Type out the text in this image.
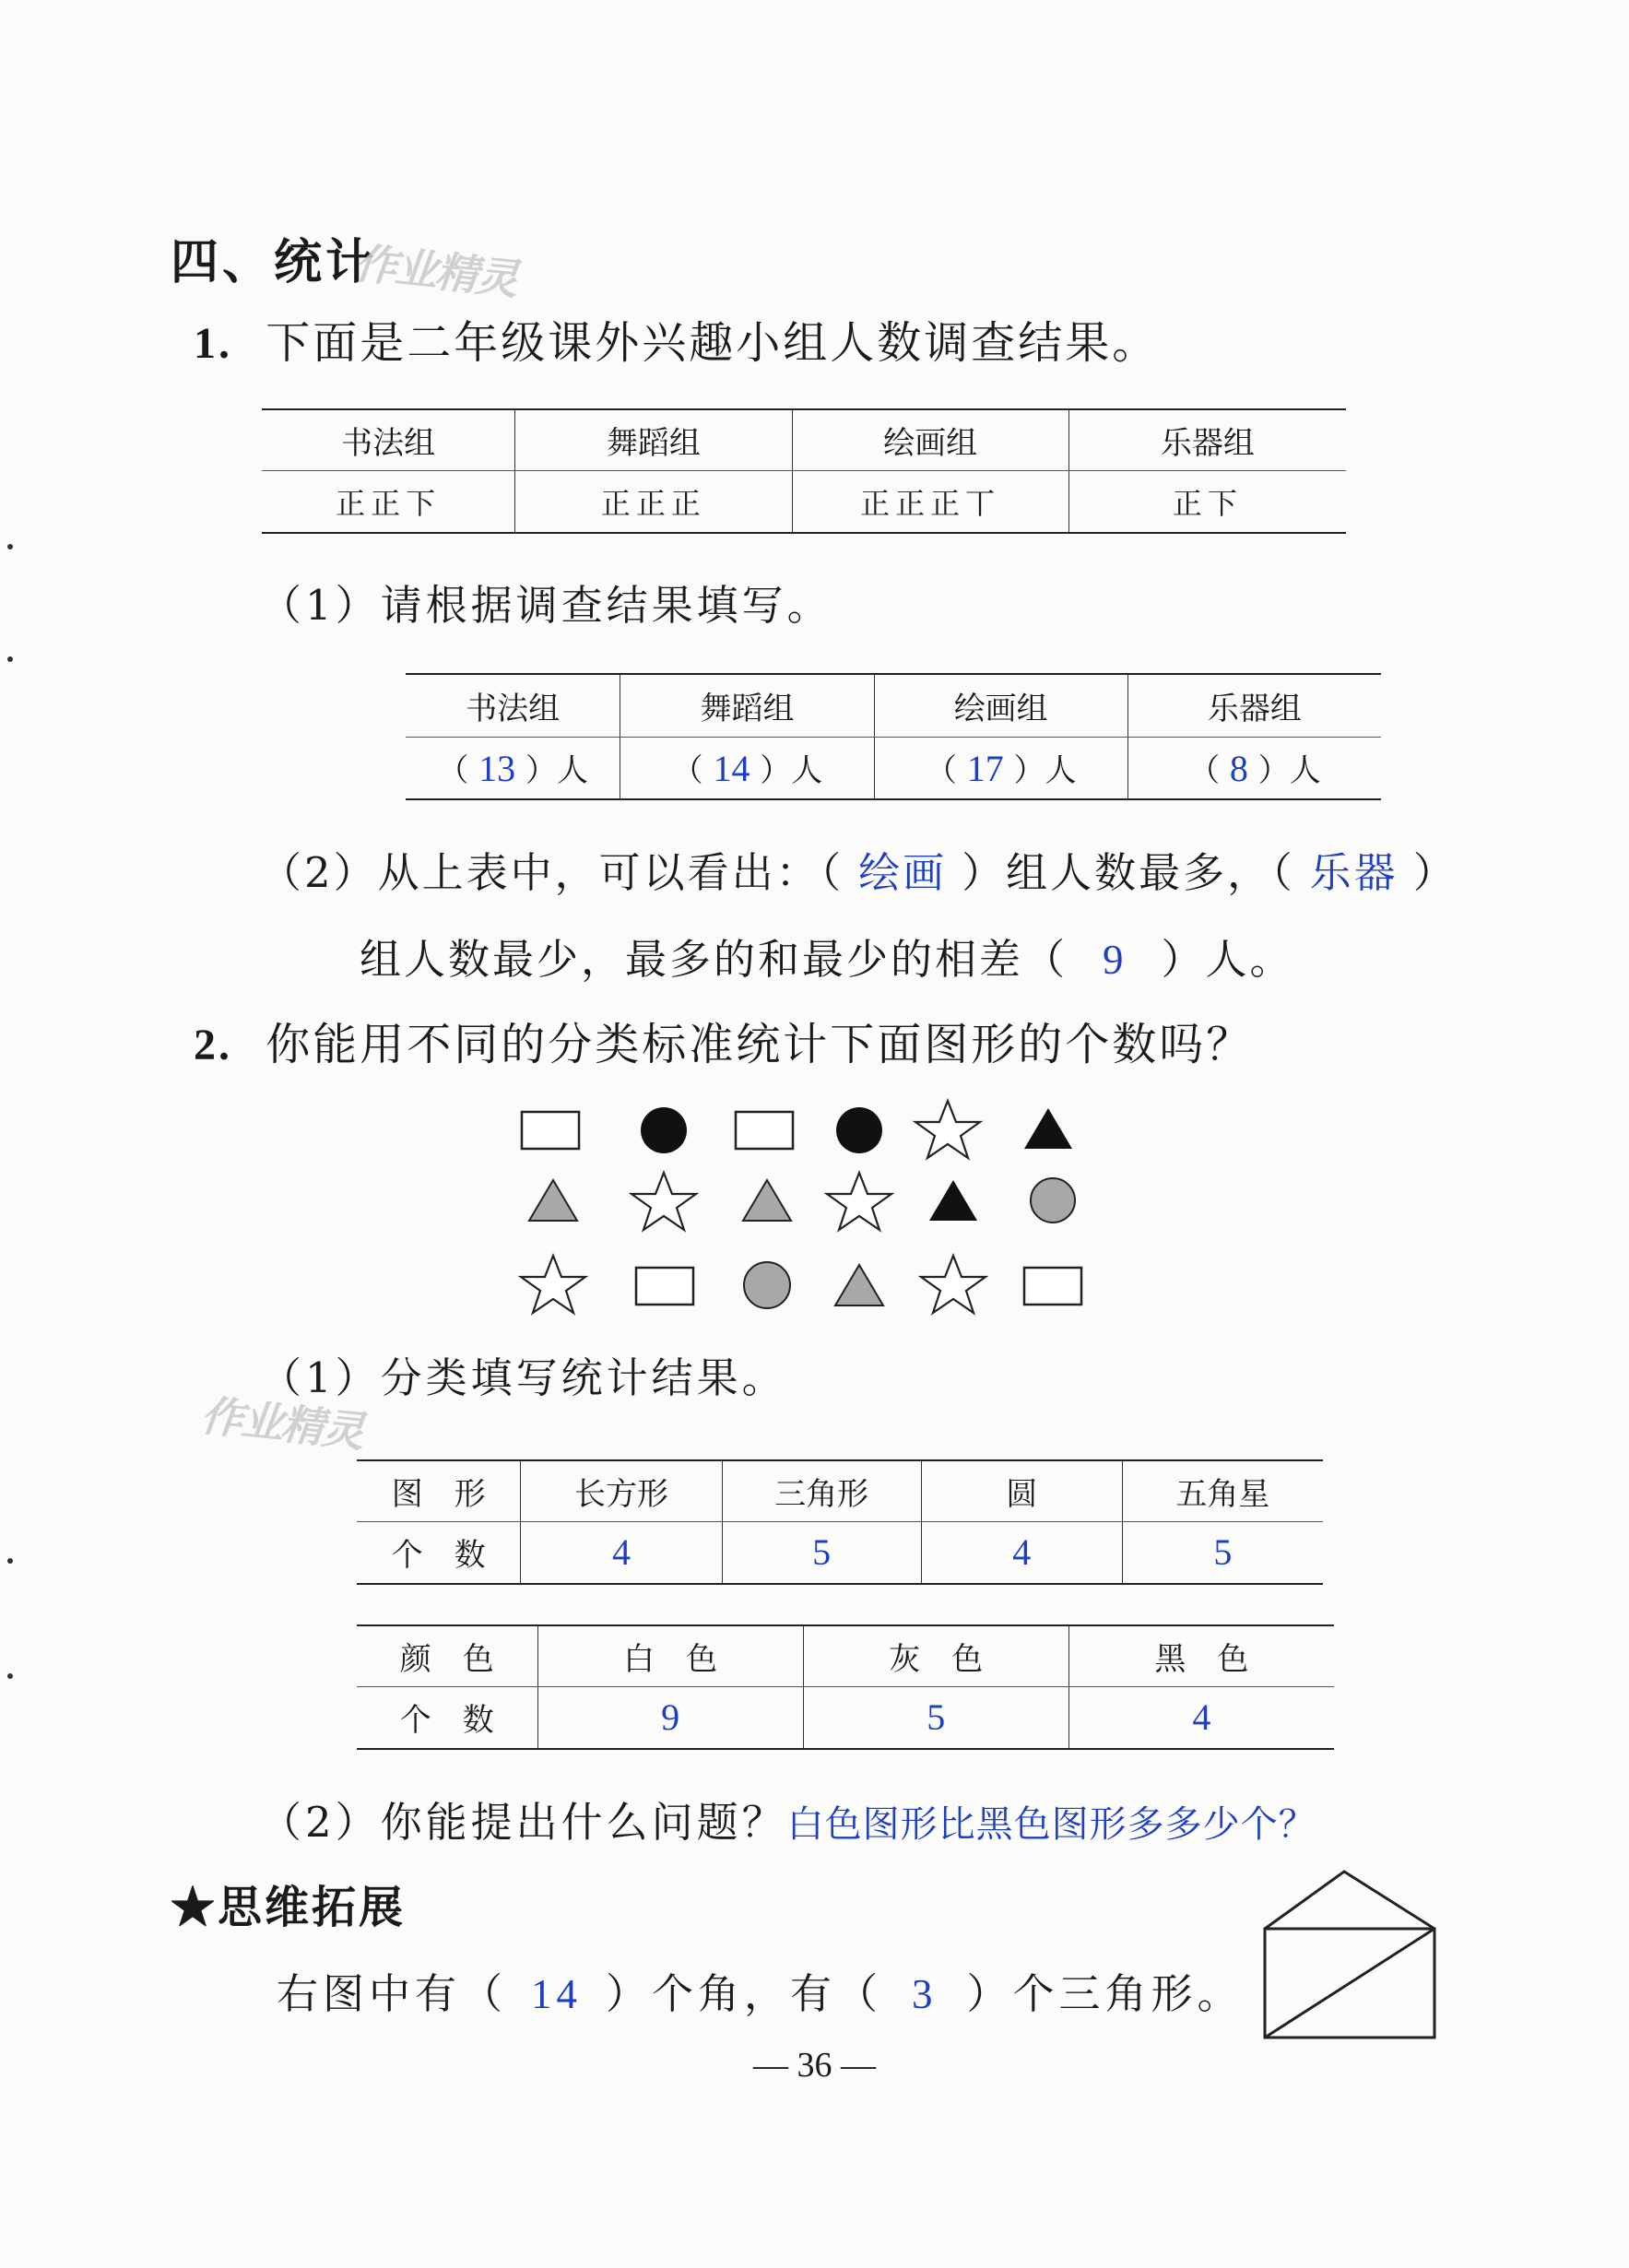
四、统计
作业精灵
1. 下面是二年级课外兴趣小组人数调查结果。
书法组	舞蹈组	绘画组	乐器组
正正下	正正正	正正正丅	正下
（1）请根据调查结果填写。
书法组	舞蹈组	绘画组	乐器组
（ 13 ）人	（ 14 ）人	（ 17 ）人	（ 8 ）人
（2）从上表中，可以看出：（ 绘画 ）组人数最多，（ 乐器 ）
组人数最少，最多的和最少的相差（ 9 ）人。
2. 你能用不同的分类标准统计下面图形的个数吗？
（1）分类填写统计结果。
作业精灵
图　形	长方形	三角形	圆	五角星
个　数	4	5	4	5
颜　色	白　色	灰　色	黑　色
个　数	9	5	4
（2）你能提出什么问题？白色图形比黑色图形多多少个？
★思维拓展
右图中有（ 14 ）个角，有（ 3 ）个三角形。
— 36 —
